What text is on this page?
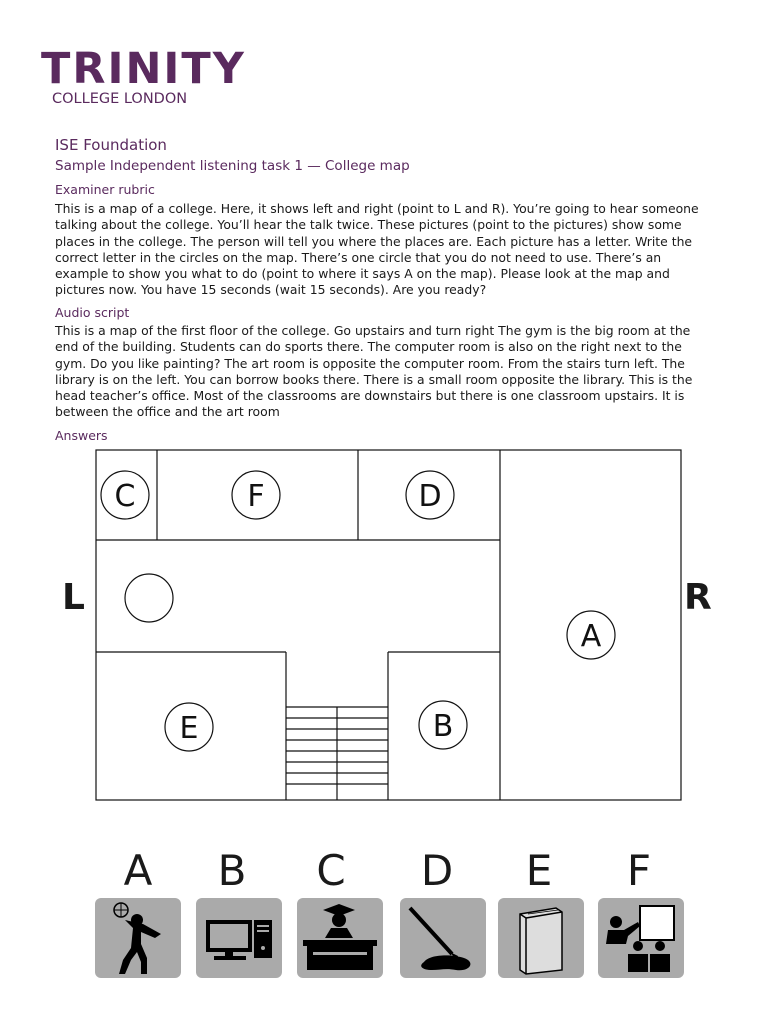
TRINITY
COLLEGE LONDON
ISE Foundation
Sample Independent listening task 1 — College map
Examiner rubric
This is a map of a college. Here, it shows left and right (point to L and R). You’re going to hear someone talking about the college. You’ll hear the talk twice. These pictures (point to the pictures) show some places in the college. The person will tell you where the places are. Each picture has a letter. Write the correct letter in the circles on the map. There’s one circle that you do not need to use. There’s an example to show you what to do (point to where it says A on the map). Please look at the map and pictures now. You have 15 seconds (wait 15 seconds). Are you ready?
Audio script
This is a map of the first floor of the college. Go upstairs and turn right The gym is the big room at the end of the building. Students can do sports there. The computer room is also on the right next to the gym. Do you like painting? The art room is opposite the computer room. From the stairs turn left. The library is on the left. You can borrow books there. There is a small room opposite the library. This is the head teacher’s office. Most of the classrooms are downstairs but there is one classroom upstairs. It is between the office and the art room
Answers
L	R
C	F	D
A
E	B
A	B	C	D	E	F
